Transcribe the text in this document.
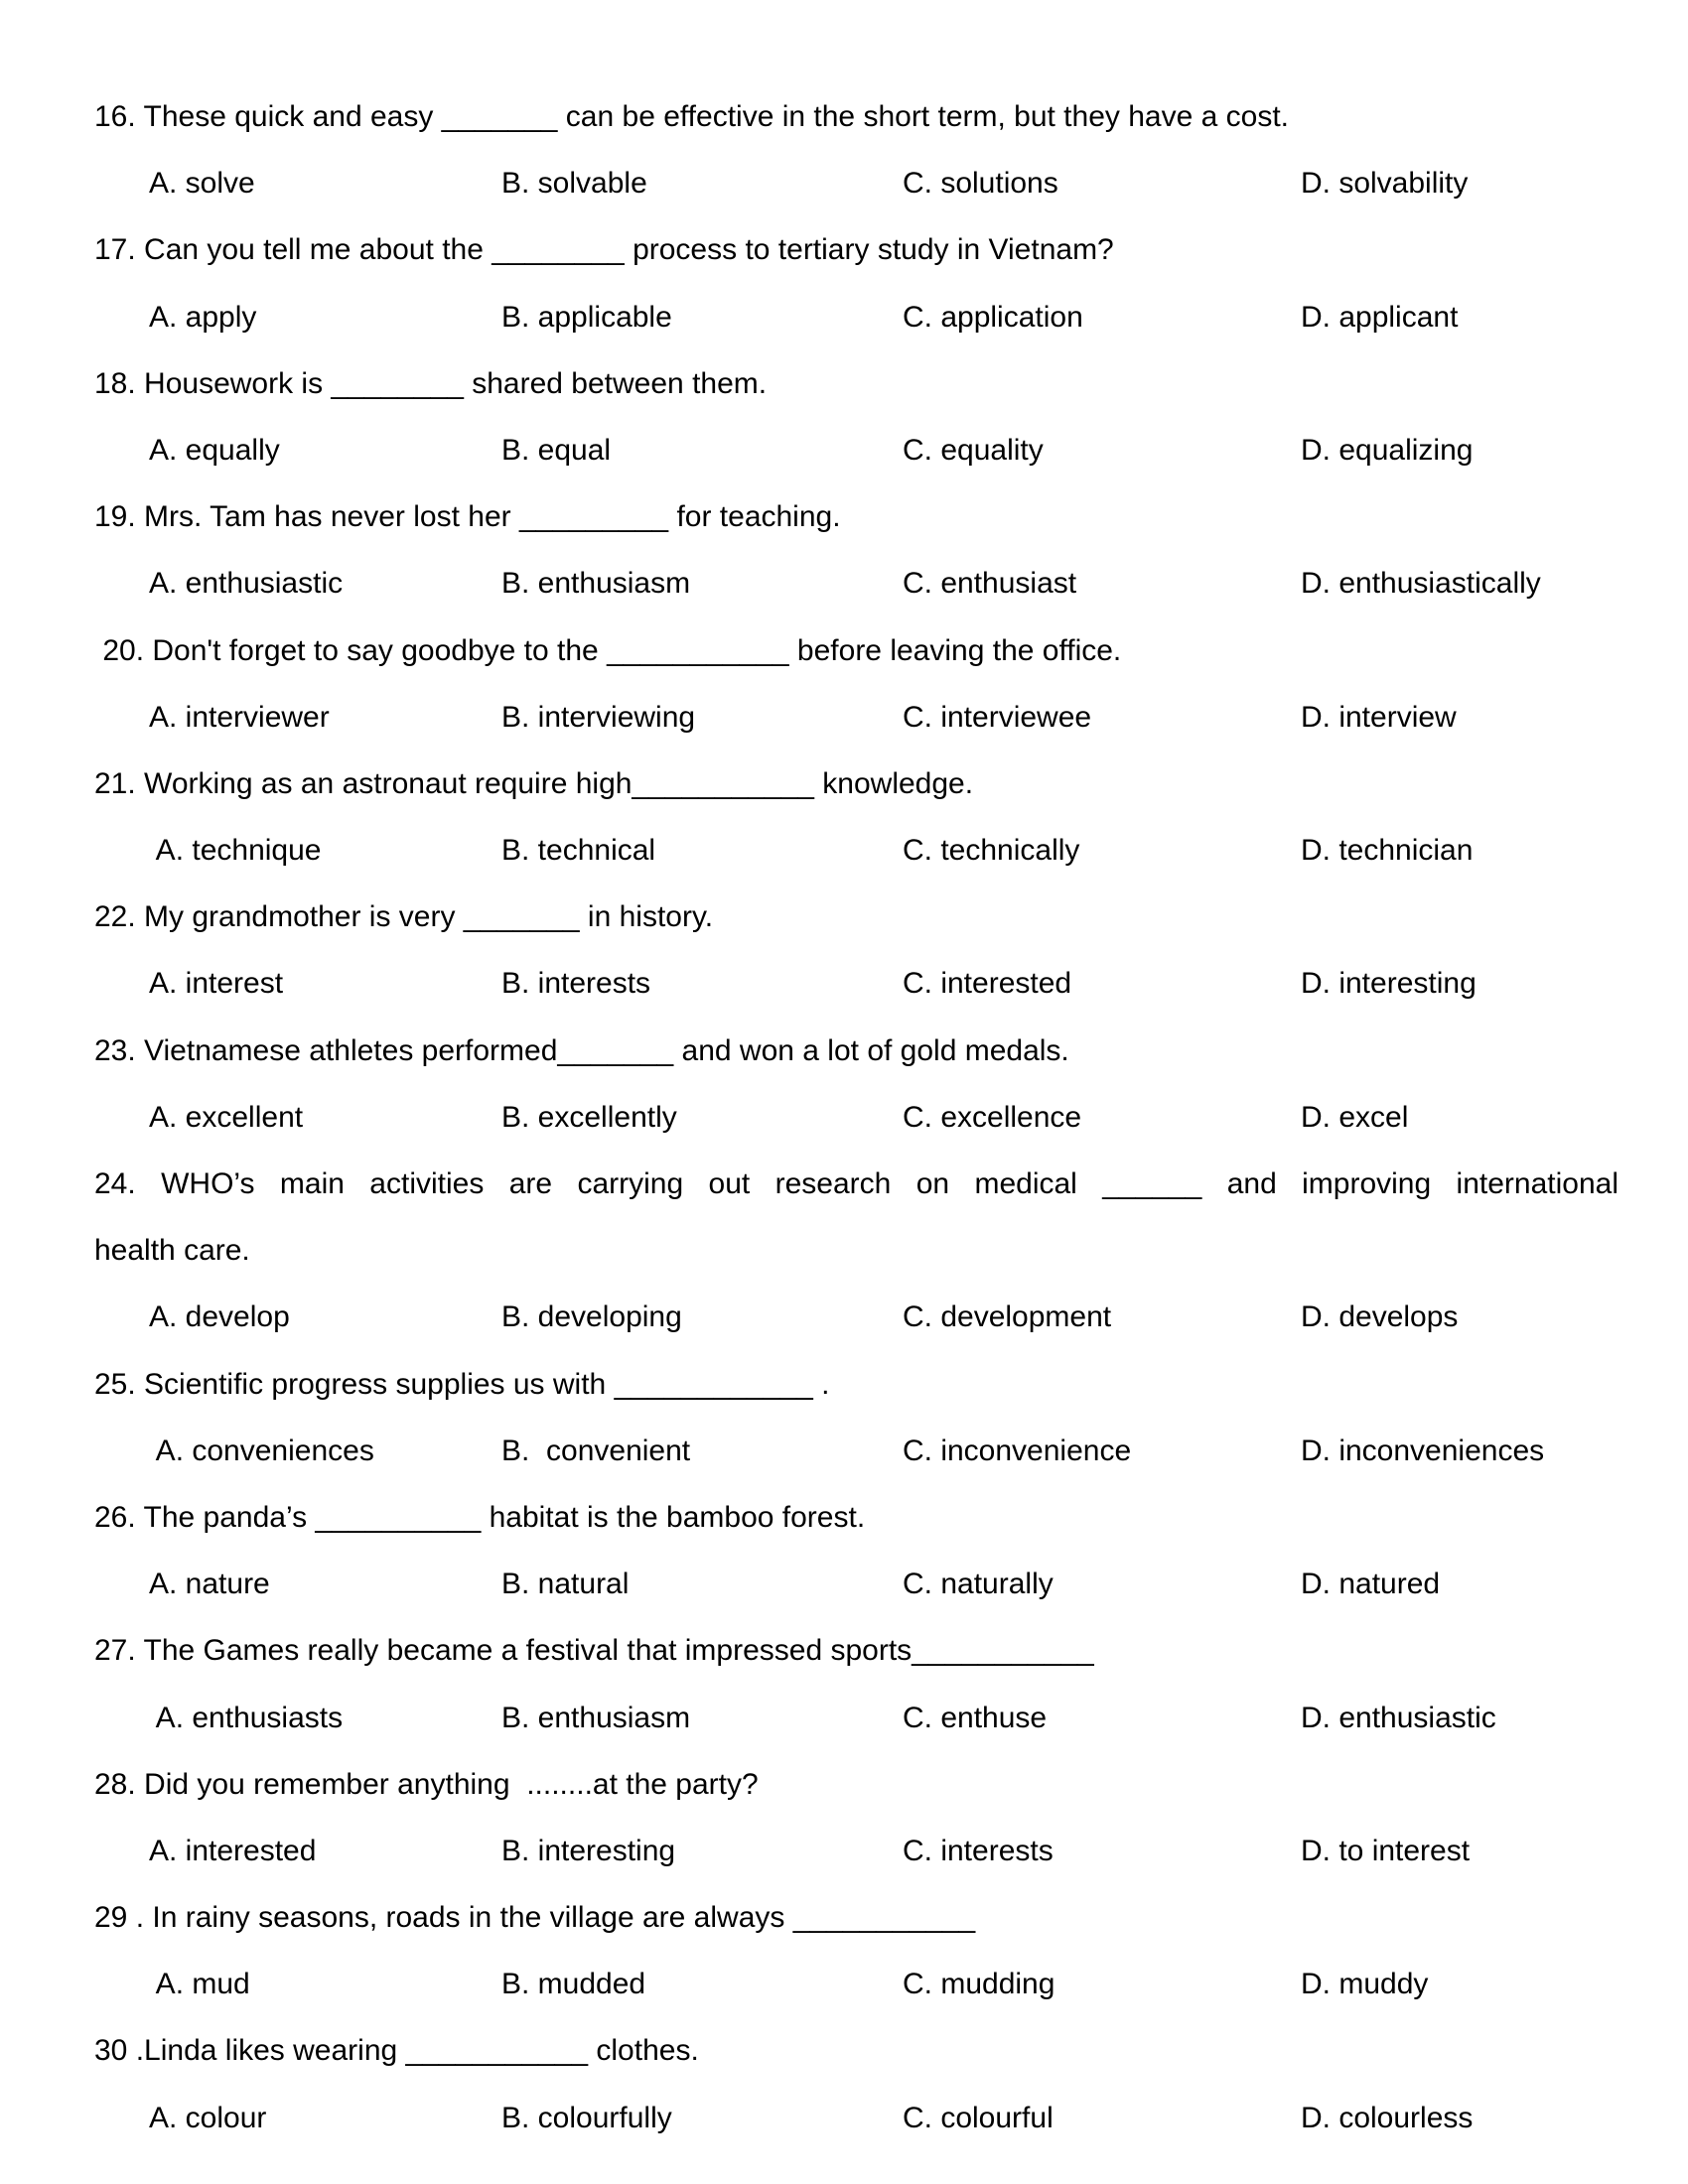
16. These quick and easy _______ can be effective in the short term, but they have a cost.
A. solve	B. solvable	C. solutions	D. solvability
17. Can you tell me about the ________ process to tertiary study in Vietnam?
A. apply	B. applicable	C. application	D. applicant
18. Housework is ________ shared between them.
A. equally	B. equal	C. equality	D. equalizing
19. Mrs. Tam has never lost her _________ for teaching.
A. enthusiastic	B. enthusiasm	C. enthusiast	D. enthusiastically
20. Don't forget to say goodbye to the ___________ before leaving the office.
A. interviewer	B. interviewing	C. interviewee	D. interview
21. Working as an astronaut require high___________ knowledge.
A. technique	B. technical	C. technically	D. technician
22. My grandmother is very _______ in history.
A. interest	B. interests	C. interested	D. interesting
23. Vietnamese athletes performed_______ and won a lot of gold medals.
A. excellent	B. excellently	C. excellence	D. excel
24. WHO’s main activities are carrying out research on medical ______ and improving international
health care.
A. develop	B. developing	C. development	D. develops
25. Scientific progress supplies us with ____________ .
A. conveniences	B.  convenient	C. inconvenience	D. inconveniences
26. The panda’s __________ habitat is the bamboo forest.
A. nature	B. natural	C. naturally	D. natured
27. The Games really became a festival that impressed sports___________
A. enthusiasts	B. enthusiasm	C. enthuse	D. enthusiastic
28. Did you remember anything  ........at the party?
A. interested	B. interesting	C. interests	D. to interest
29 . In rainy seasons, roads in the village are always ___________
A. mud	B. mudded	C. mudding	D. muddy
30 .Linda likes wearing ___________ clothes.
A. colour	B. colourfully	C. colourful	D. colourless
